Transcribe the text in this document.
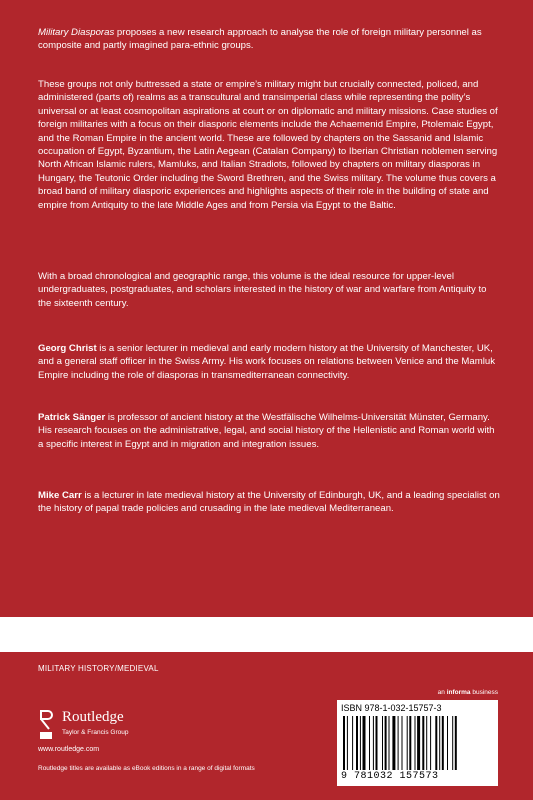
Military Diasporas proposes a new research approach to analyse the role of foreign military personnel as composite and partly imagined para-ethnic groups.

These groups not only buttressed a state or empire’s military might but crucially connected, policed, and administered (parts of) realms as a transcultural and transimperial class while representing the polity’s universal or at least cosmopolitan aspirations at court or on diplomatic and military missions. Case studies of foreign militaries with a focus on their diasporic elements include the Achaemenid Empire, Ptolemaic Egypt, and the Roman Empire in the ancient world. These are followed by chapters on the Sassanid and Islamic occupation of Egypt, Byzantium, the Latin Aegean (Catalan Company) to Iberian Christian noblemen serving North African Islamic rulers, Mamluks, and Italian Stradiots, followed by chapters on military diasporas in Hungary, the Teutonic Order including the Sword Brethren, and the Swiss military. The volume thus covers a broad band of military diasporic experiences and highlights aspects of their role in the building of state and empire from Antiquity to the late Middle Ages and from Persia via Egypt to the Baltic.

With a broad chronological and geographic range, this volume is the ideal resource for upper-level undergraduates, postgraduates, and scholars interested in the history of war and warfare from Antiquity to the sixteenth century.

Georg Christ is a senior lecturer in medieval and early modern history at the University of Manchester, UK, and a general staff officer in the Swiss Army. His work focuses on relations between Venice and the Mamluk Empire including the role of diasporas in transmediterranean connectivity.

Patrick Sänger is professor of ancient history at the Westfälische Wilhelms-Universität Münster, Germany. His research focuses on the administrative, legal, and social history of the Hellenistic and Roman world with a specific interest in Egypt and in migration and integration issues.

Mike Carr is a lecturer in late medieval history at the University of Edinburgh, UK, and a leading specialist on the history of papal trade policies and crusading in the late medieval Mediterranean.

MILITARY HISTORY/MEDIEVAL
an informa business
Routledge
Taylor & Francis Group
www.routledge.com
Routledge titles are available as eBook editions in a range of digital formats
ISBN 978-1-032-15757-3
9 781032 157573
